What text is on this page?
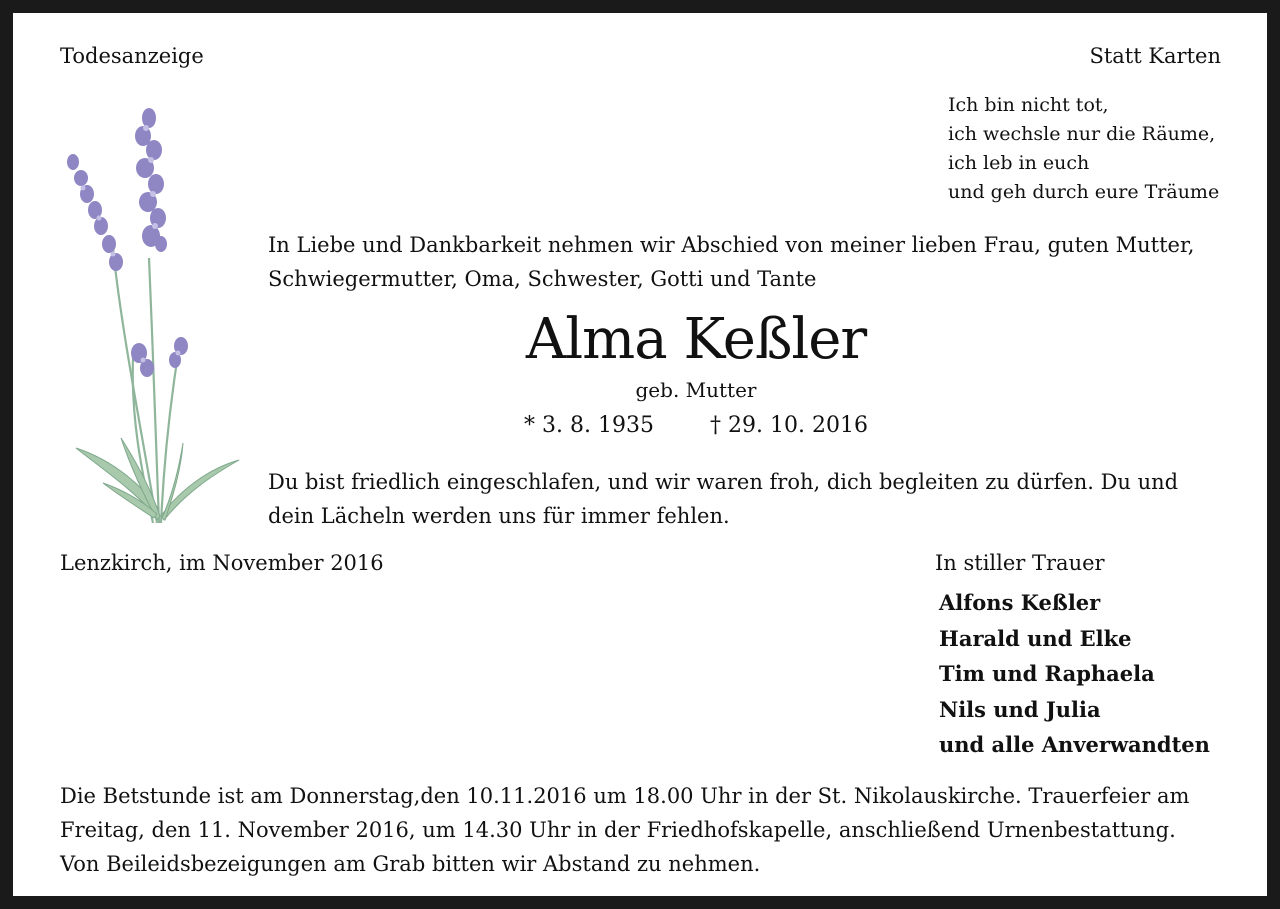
Todesanzeige	Statt Karten
Ich bin nicht tot,
ich wechsle nur die Räume,
ich leb in euch
und geh durch eure Träume
In Liebe und Dankbarkeit nehmen wir Abschied von meiner lieben Frau, guten Mutter,
Schwiegermutter, Oma, Schwester, Gotti und Tante
Alma Keßler
geb. Mutter
* 3. 8. 1935	† 29. 10. 2016
Du bist friedlich eingeschlafen, und wir waren froh, dich begleiten zu dürfen. Du und
dein Lächeln werden uns für immer fehlen.
Lenzkirch, im November 2016	In stiller Trauer
Alfons Keßler
Harald und Elke
Tim und Raphaela
Nils und Julia
und alle Anverwandten
Die Betstunde ist am Donnerstag,den 10.11.2016 um 18.00 Uhr in der St. Nikolauskirche. Trauerfeier am
Freitag, den 11. November 2016, um 14.30 Uhr in der Friedhofskapelle, anschließend Urnenbestattung.
Von Beileidsbezeigungen am Grab bitten wir Abstand zu nehmen.
